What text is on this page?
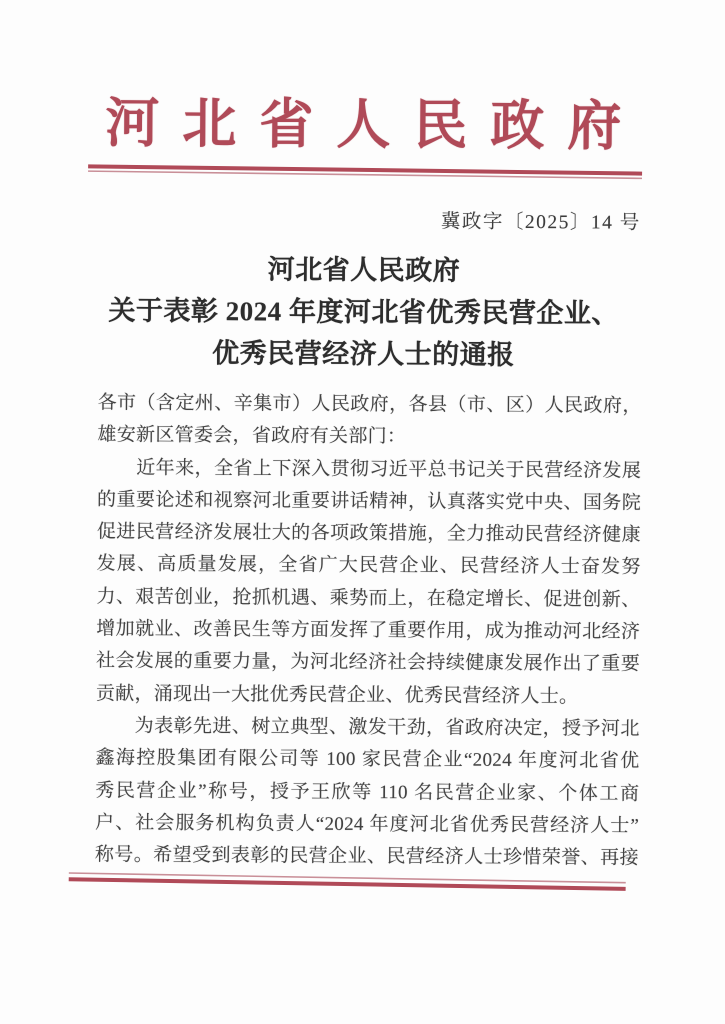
河北省人民政府
冀政字〔2025〕14 号
河北省人民政府
关于表彰 2024 年度河北省优秀民营企业、
优秀民营经济人士的通报
各市（含定州、辛集市）人民政府，各县（市、区）人民政府，
雄安新区管委会，省政府有关部门：
近年来，全省上下深入贯彻习近平总书记关于民营经济发展
的重要论述和视察河北重要讲话精神，认真落实党中央、国务院
促进民营经济发展壮大的各项政策措施，全力推动民营经济健康
发展、高质量发展，全省广大民营企业、民营经济人士奋发努
力、艰苦创业，抢抓机遇、乘势而上，在稳定增长、促进创新、
增加就业、改善民生等方面发挥了重要作用，成为推动河北经济
社会发展的重要力量，为河北经济社会持续健康发展作出了重要
贡献，涌现出一大批优秀民营企业、优秀民营经济人士。
为表彰先进、树立典型、激发干劲，省政府决定，授予河北
鑫海控股集团有限公司等 100 家民营企业“2024 年度河北省优
秀民营企业”称号，授予王欣等 110 名民营企业家、个体工商
户、社会服务机构负责人“2024 年度河北省优秀民营经济人士”
称号。希望受到表彰的民营企业、民营经济人士珍惜荣誉、再接
